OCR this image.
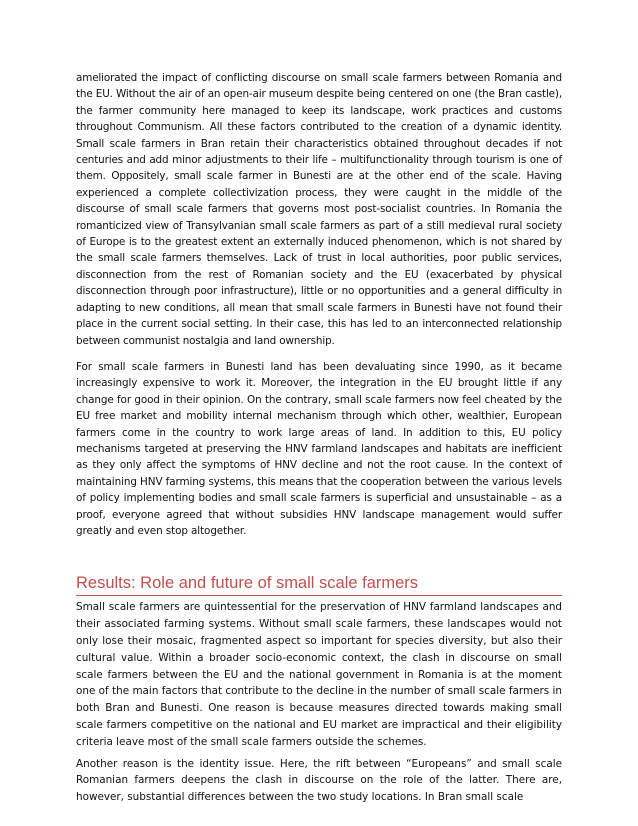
ameliorated the impact of conflicting discourse on small scale farmers between Romania and the EU. Without the air of an open-air museum despite being centered on one (the Bran castle), the farmer community here managed to keep its landscape, work practices and customs throughout Communism. All these factors contributed to the creation of a dynamic identity. Small scale farmers in Bran retain their characteristics obtained throughout decades if not centuries and add minor adjustments to their life – multifunctionality through tourism is one of them. Oppositely, small scale farmer in Bunesti are at the other end of the scale. Having experienced a complete collectivization process, they were caught in the middle of the discourse of small scale farmers that governs most post-socialist countries. In Romania the romanticized view of Transylvanian small scale farmers as part of a still medieval rural society of Europe is to the greatest extent an externally induced phenomenon, which is not shared by the small scale farmers themselves. Lack of trust in local authorities, poor public services, disconnection from the rest of Romanian society and the EU (exacerbated by physical disconnection through poor infrastructure), little or no opportunities and a general difficulty in adapting to new conditions, all mean that small scale farmers in Bunesti have not found their place in the current social setting. In their case, this has led to an interconnected relationship between communist nostalgia and land ownership.

For small scale farmers in Bunesti land has been devaluating since 1990, as it became increasingly expensive to work it. Moreover, the integration in the EU brought little if any change for good in their opinion. On the contrary, small scale farmers now feel cheated by the EU free market and mobility internal mechanism through which other, wealthier, European farmers come in the country to work large areas of land. In addition to this, EU policy mechanisms targeted at preserving the HNV farmland landscapes and habitats are inefficient as they only affect the symptoms of HNV decline and not the root cause. In the context of maintaining HNV farming systems, this means that the cooperation between the various levels of policy implementing bodies and small scale farmers is superficial and unsustainable – as a proof, everyone agreed that without subsidies HNV landscape management would suffer greatly and even stop altogether.

Results: Role and future of small scale farmers

Small scale farmers are quintessential for the preservation of HNV farmland landscapes and their associated farming systems. Without small scale farmers, these landscapes would not only lose their mosaic, fragmented aspect so important for species diversity, but also their cultural value. Within a broader socio-economic context, the clash in discourse on small scale farmers between the EU and the national government in Romania is at the moment one of the main factors that contribute to the decline in the number of small scale farmers in both Bran and Bunesti. One reason is because measures directed towards making small scale farmers competitive on the national and EU market are impractical and their eligibility criteria leave most of the small scale farmers outside the schemes.

Another reason is the identity issue. Here, the rift between “Europeans” and small scale Romanian farmers deepens the clash in discourse on the role of the latter. There are, however, substantial differences between the two study locations. In Bran small scale
